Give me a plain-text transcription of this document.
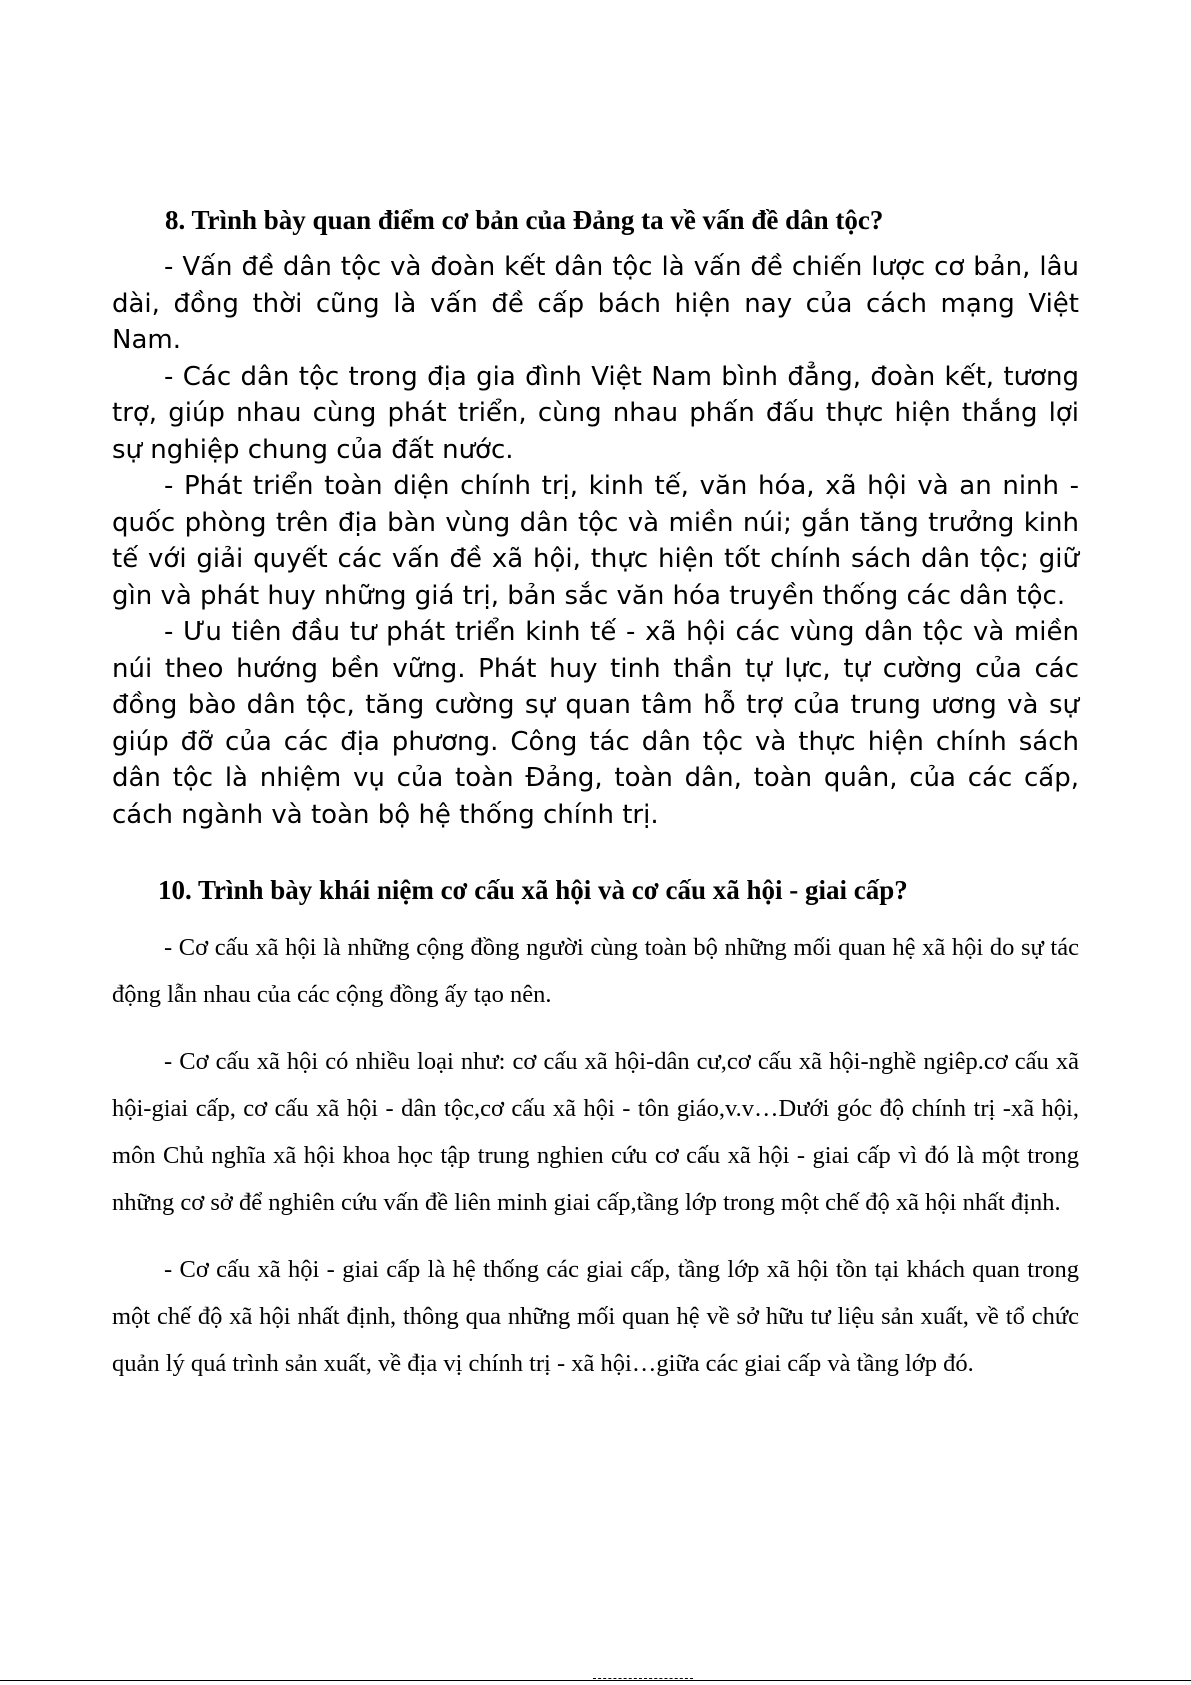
8. Trình bày quan điểm cơ bản của Đảng ta về vấn đề dân tộc?

- Vấn đề dân tộc và đoàn kết dân tộc là vấn đề chiến lược cơ bản, lâu dài, đồng thời cũng là vấn đề cấp bách hiện nay của cách mạng Việt Nam.

- Các dân tộc trong địa gia đình Việt Nam bình đẳng, đoàn kết, tương trợ, giúp nhau cùng phát triển, cùng nhau phấn đấu thực hiện thắng lợi sự nghiệp chung của đất nước.

- Phát triển toàn diện chính trị, kinh tế, văn hóa, xã hội và an ninh - quốc phòng trên địa bàn vùng dân tộc và miền núi; gắn tăng trưởng kinh tế với giải quyết các vấn đề xã hội, thực hiện tốt chính sách dân tộc; giữ gìn và phát huy những giá trị, bản sắc văn hóa truyền thống các dân tộc.

- Ưu tiên đầu tư phát triển kinh tế - xã hội các vùng dân tộc và miền núi theo hướng bền vững. Phát huy tinh thần tự lực, tự cường của các đồng bào dân tộc, tăng cường sự quan tâm hỗ trợ của trung ương và sự giúp đỡ của các địa phương. Công tác dân tộc và thực hiện chính sách dân tộc là nhiệm vụ của toàn Đảng, toàn dân, toàn quân, của các cấp, cách ngành và toàn bộ hệ thống chính trị.

10. Trình bày khái niệm cơ cấu xã hội và cơ cấu xã hội - giai cấp?

- Cơ cấu xã hội là những cộng đồng người cùng toàn bộ những mối quan hệ xã hội do sự tác động lẫn nhau của các cộng đồng ấy tạo nên.

- Cơ cấu xã hội có nhiều loại như: cơ cấu xã hội-dân cư,cơ cấu xã hội-nghề ngiêp.cơ cấu xã hội-giai cấp, cơ cấu xã hội - dân tộc,cơ cấu xã hội - tôn giáo,v.v…Dưới góc độ chính trị -xã hội, môn Chủ nghĩa xã hội khoa học tập trung nghien cứu cơ cấu xã hội - giai cấp vì đó là một trong những cơ sở để nghiên cứu vấn đề liên minh giai cấp,tầng lớp trong một chế độ xã hội nhất định.

- Cơ cấu xã hội - giai cấp là hệ thống các giai cấp, tầng lớp xã hội tồn tại khách quan trong một chế độ xã hội nhất định, thông qua những mối quan hệ về sở hữu tư liệu sản xuất, về tổ chức quản lý quá trình sản xuất, về địa vị chính trị - xã hội…giữa các giai cấp và tầng lớp đó.
